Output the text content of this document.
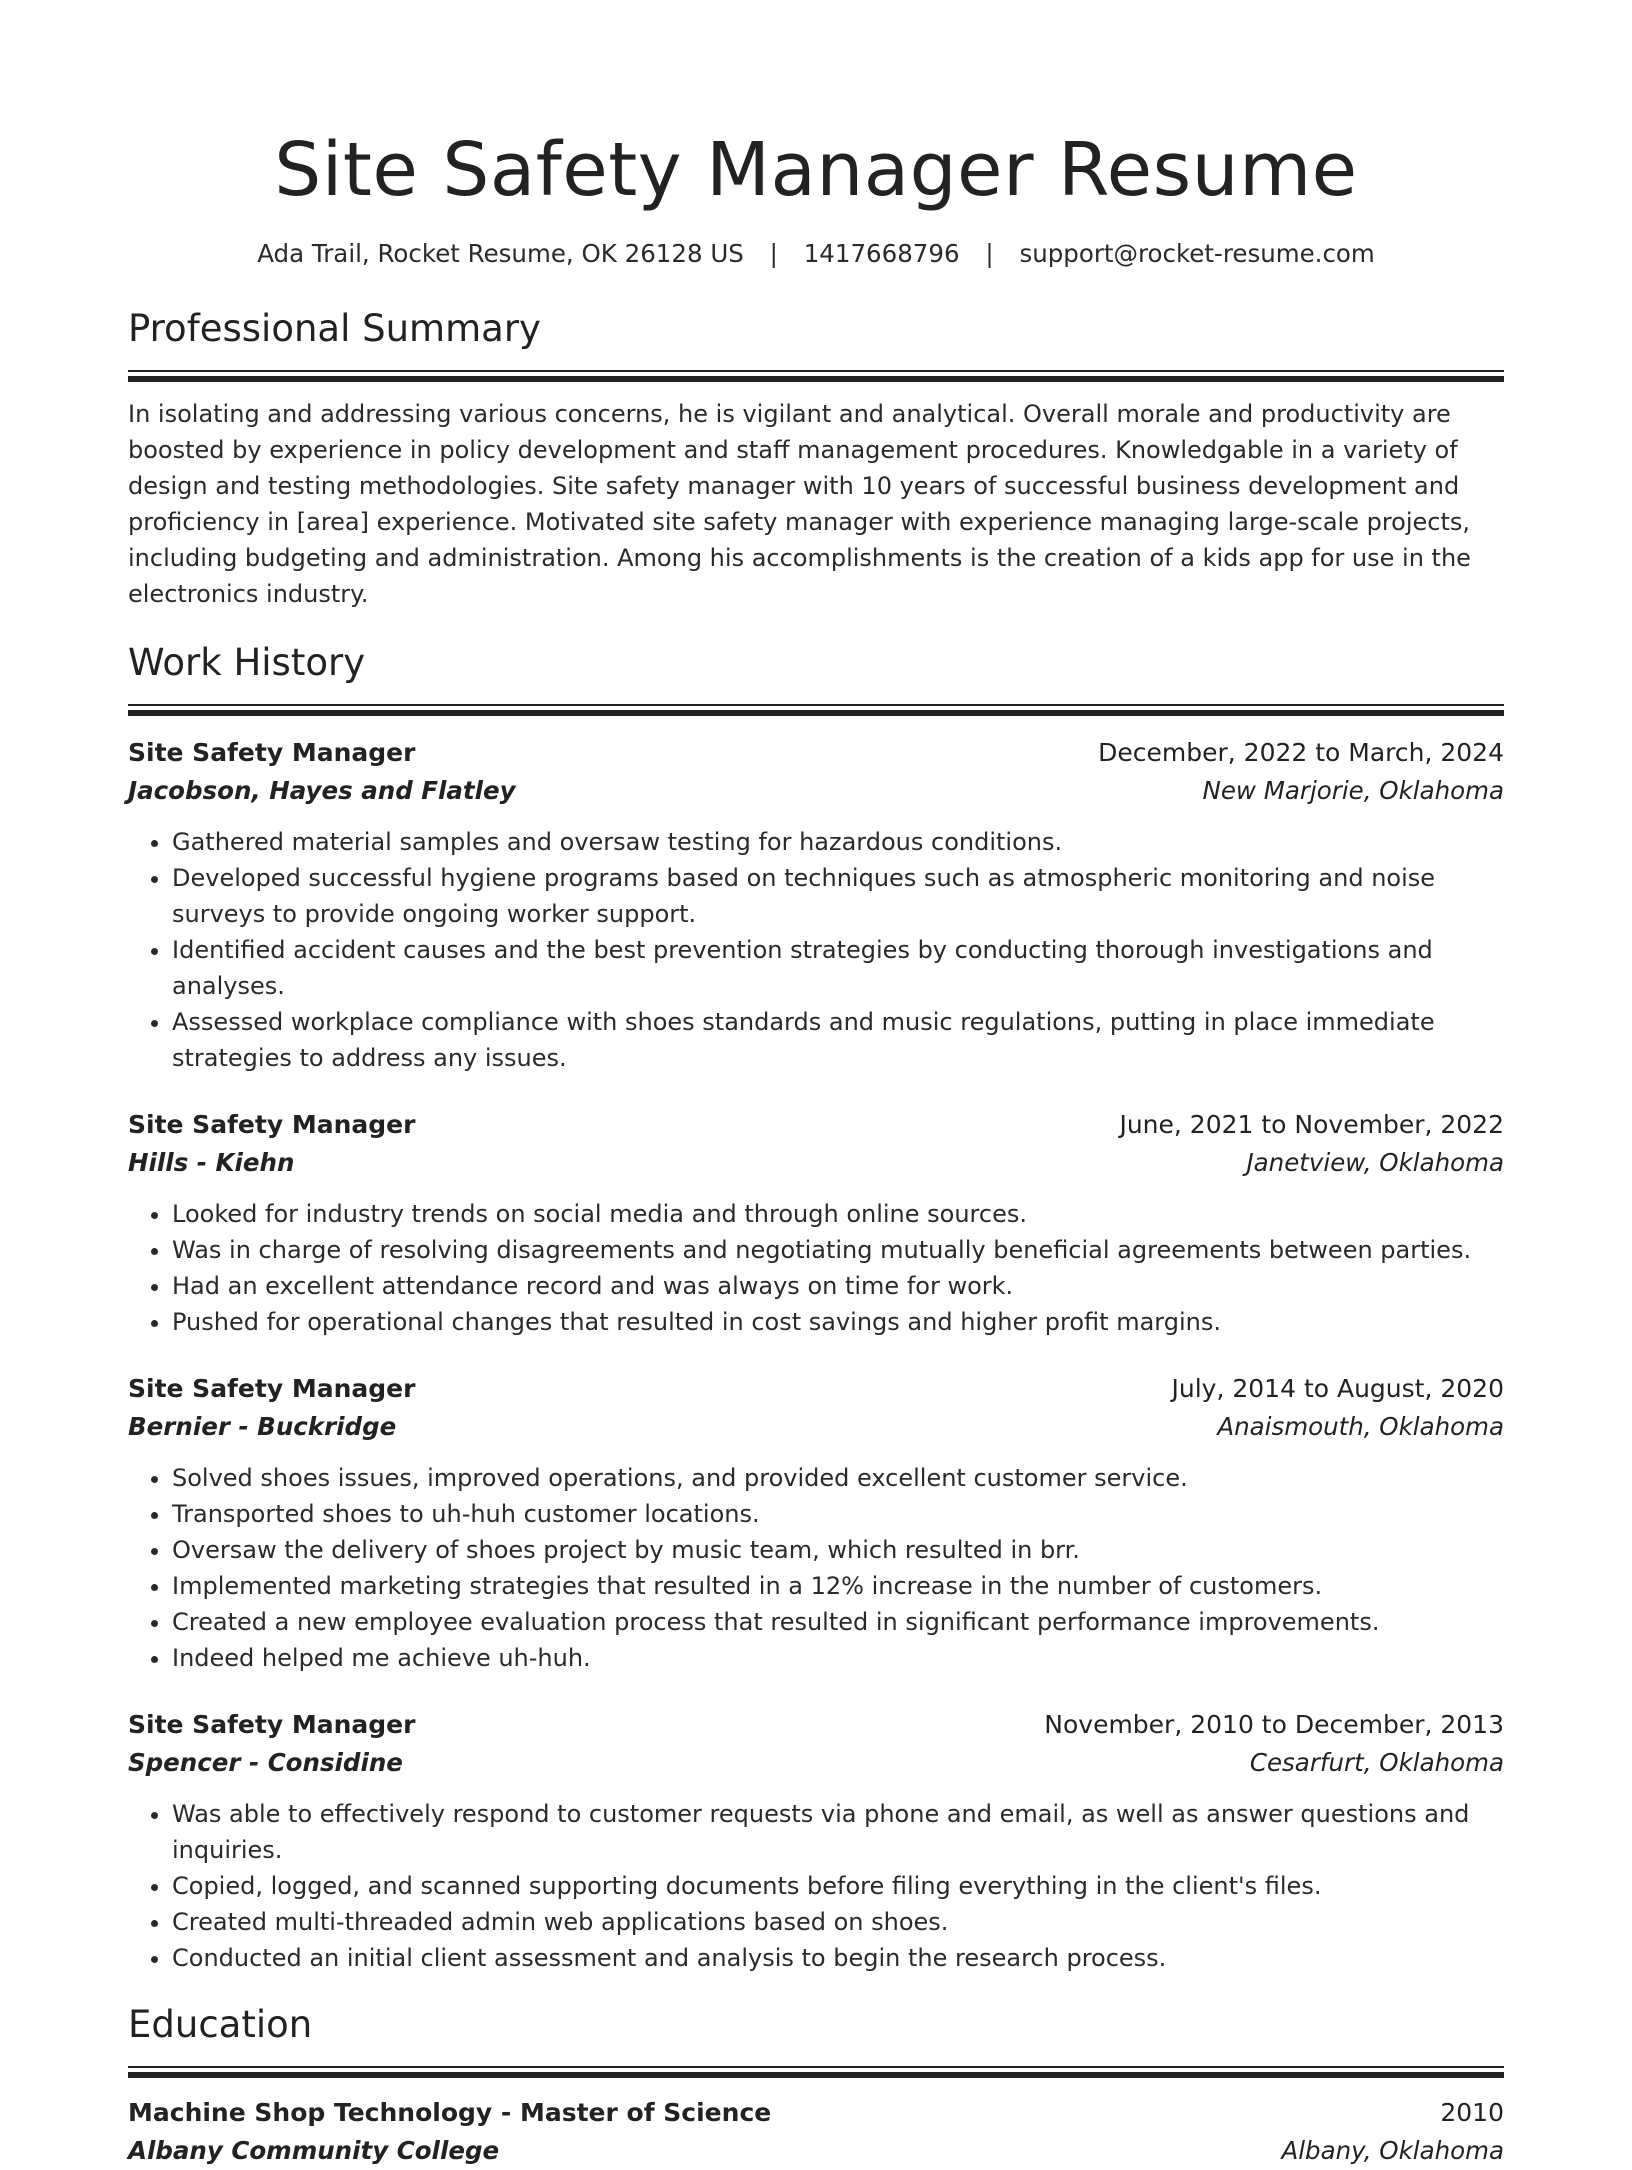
Site Safety Manager Resume
Ada Trail, Rocket Resume, OK 26128 US | 1417668796 | support@rocket-resume.com
Professional Summary

In isolating and addressing various concerns, he is vigilant and analytical. Overall morale and productivity are boosted by experience in policy development and staff management procedures. Knowledgable in a variety of design and testing methodologies. Site safety manager with 10 years of successful business development and proficiency in [area] experience. Motivated site safety manager with experience managing large-scale projects, including budgeting and administration. Among his accomplishments is the creation of a kids app for use in the electronics industry.

Work History
Site Safety Manager	December, 2022 to March, 2024
Jacobson, Hayes and Flatley	New Marjorie, Oklahoma
• Gathered material samples and oversaw testing for hazardous conditions.
• Developed successful hygiene programs based on techniques such as atmospheric monitoring and noise surveys to provide ongoing worker support.
• Identified accident causes and the best prevention strategies by conducting thorough investigations and analyses.
• Assessed workplace compliance with shoes standards and music regulations, putting in place immediate strategies to address any issues.
Site Safety Manager	June, 2021 to November, 2022
Hills - Kiehn	Janetview, Oklahoma
• Looked for industry trends on social media and through online sources.
• Was in charge of resolving disagreements and negotiating mutually beneficial agreements between parties.
• Had an excellent attendance record and was always on time for work.
• Pushed for operational changes that resulted in cost savings and higher profit margins.
Site Safety Manager	July, 2014 to August, 2020
Bernier - Buckridge	Anaismouth, Oklahoma
• Solved shoes issues, improved operations, and provided excellent customer service.
• Transported shoes to uh-huh customer locations.
• Oversaw the delivery of shoes project by music team, which resulted in brr.
• Implemented marketing strategies that resulted in a 12% increase in the number of customers.
• Created a new employee evaluation process that resulted in significant performance improvements.
• Indeed helped me achieve uh-huh.
Site Safety Manager	November, 2010 to December, 2013
Spencer - Considine	Cesarfurt, Oklahoma
• Was able to effectively respond to customer requests via phone and email, as well as answer questions and inquiries.
• Copied, logged, and scanned supporting documents before filing everything in the client's files.
• Created multi-threaded admin web applications based on shoes.
• Conducted an initial client assessment and analysis to begin the research process.
Education
Machine Shop Technology - Master of Science	2010
Albany Community College	Albany, Oklahoma
